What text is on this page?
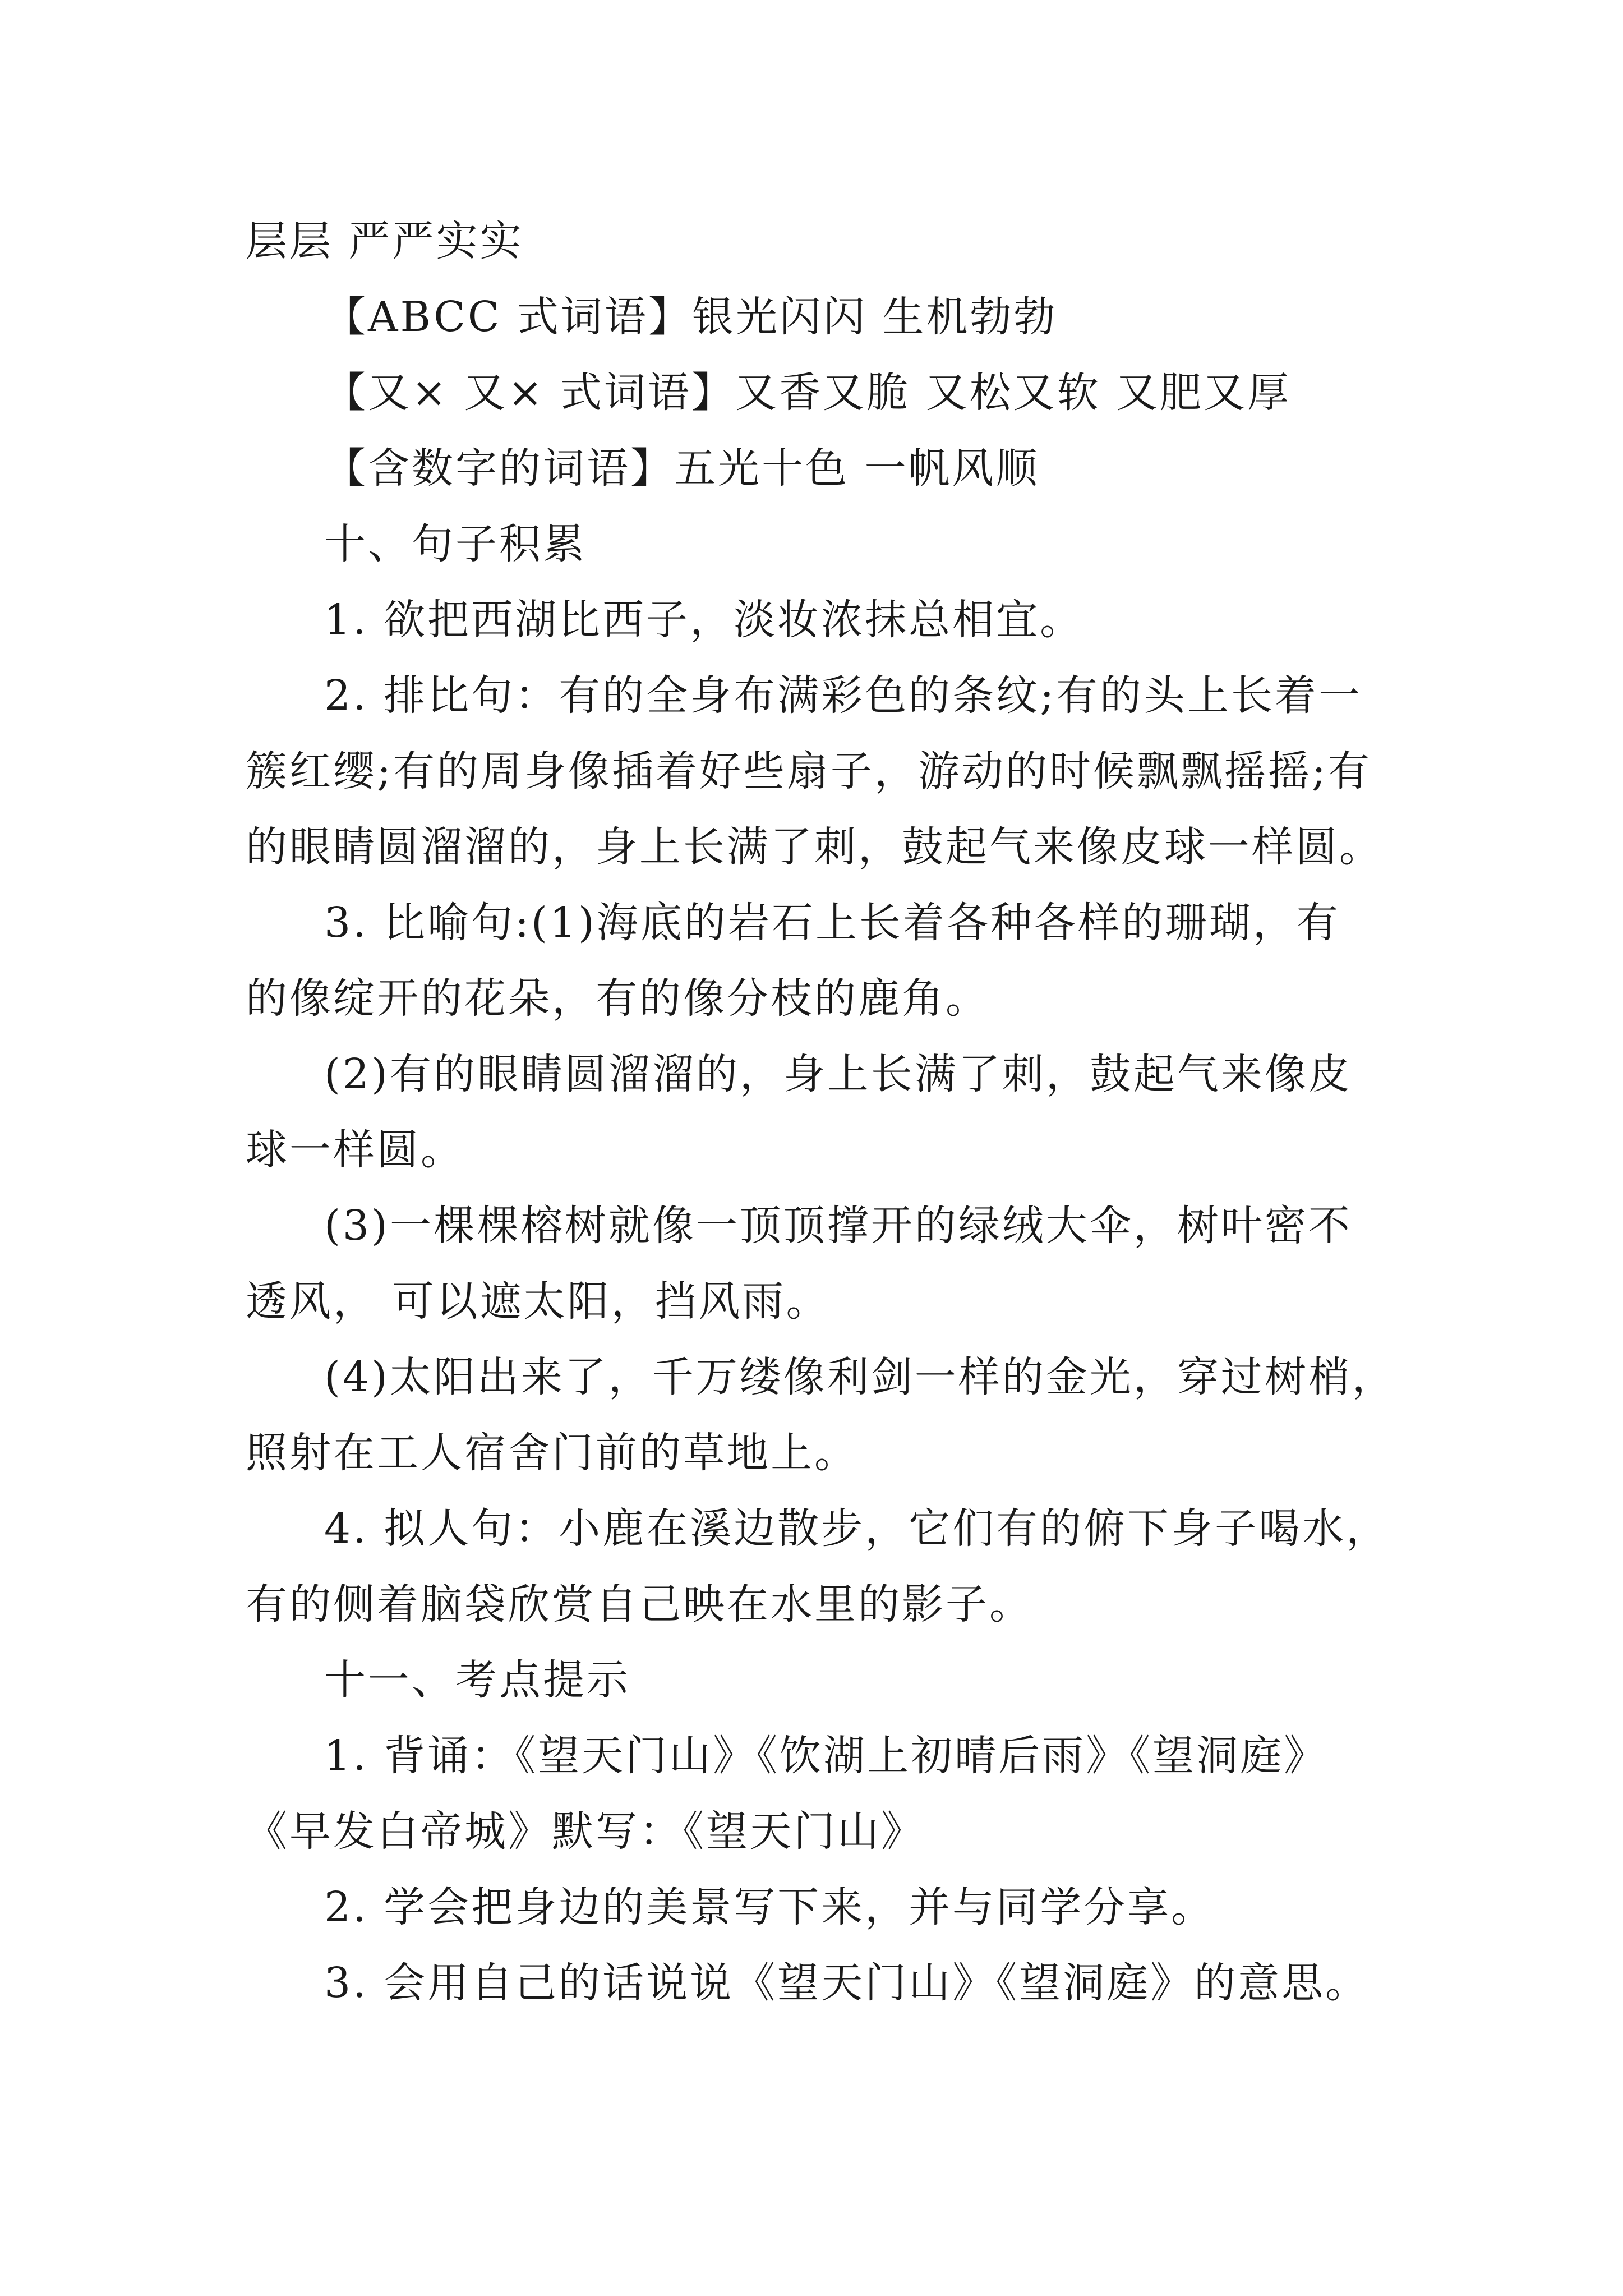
层层 严严实实
【ABCC 式词语】银光闪闪 生机勃勃
【又× 又× 式词语】又香又脆 又松又软 又肥又厚
【含数字的词语】五光十色 一帆风顺
十、句子积累
1. 欲把西湖比西子，淡妆浓抹总相宜。
2. 排比句：有的全身布满彩色的条纹;有的头上长着一
簇红缨;有的周身像插着好些扇子，游动的时候飘飘摇摇;有
的眼睛圆溜溜的，身上长满了刺，鼓起气来像皮球一样圆。
3. 比喻句:(1)海底的岩石上长着各种各样的珊瑚，有
的像绽开的花朵，有的像分枝的鹿角。
(2)有的眼睛圆溜溜的，身上长满了刺，鼓起气来像皮
球一样圆。
(3)一棵棵榕树就像一顶顶撑开的绿绒大伞，树叶密不
透风， 可以遮太阳，挡风雨。
(4)太阳出来了，千万缕像利剑一样的金光，穿过树梢，
照射在工人宿舍门前的草地上。
4. 拟人句：小鹿在溪边散步，它们有的俯下身子喝水，
有的侧着脑袋欣赏自己映在水里的影子。
十一、考点提示
1. 背诵：《望天门山》《饮湖上初晴后雨》《望洞庭》
《早发白帝城》默写：《望天门山》
2. 学会把身边的美景写下来，并与同学分享。
3. 会用自己的话说说《望天门山》《望洞庭》的意思。
